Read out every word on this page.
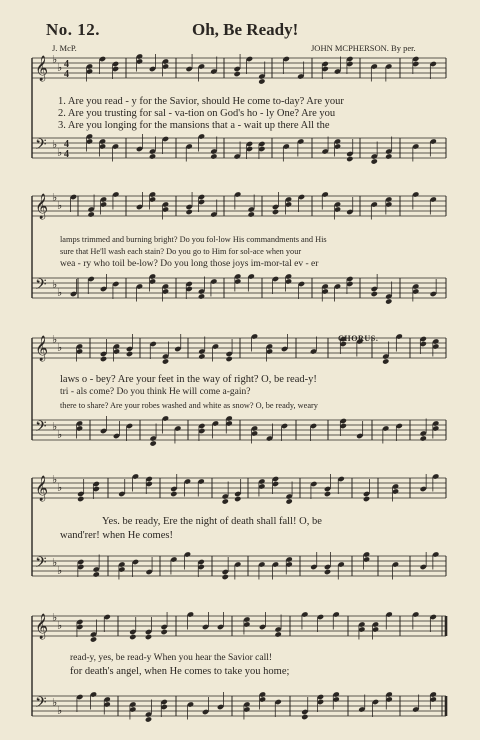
𝄞 ♭
♭ 4
4
𝄢 ♭
♭
4
4
𝄞 ♭
♭
𝄢 ♭
♭
𝄞 ♭
♭
𝄢 ♭
♭
𝄞 ♭
♭
𝄢 ♭
♭
𝄞 ♭
♭
𝄢 ♭
♭
No. 12.	Oh, Be Ready!
J. McP.	JOHN MCPHERSON. By per.
1. Are you read - y for the Savior, should He come to-day? Are your
2. Are you trusting for sal - va-tion on God's ho - ly One? Are you
3. Are you longing for the mansions that a - wait up there All the
lamps trimmed and burning bright? Do you fol-low His commandments and His
sure that He'll wash each stain? Do you go to Him for sol-ace when your
wea - ry who toil be-low? Do you long those joys im-mor-tal ev - er
CHORUS.
laws o - bey? Are your feet in the way of right? O, be read-y!
tri - als come? Do you think He will come a-gain?
there to share? Are your robes washed and white as snow? O, be ready, weary
Yes. be ready, Ere the night of death shall fall! O, be
wand'rer! when He comes!
read-y, yes, be read-y When you hear the Savior call!
for death's angel, when He comes to take you home;
